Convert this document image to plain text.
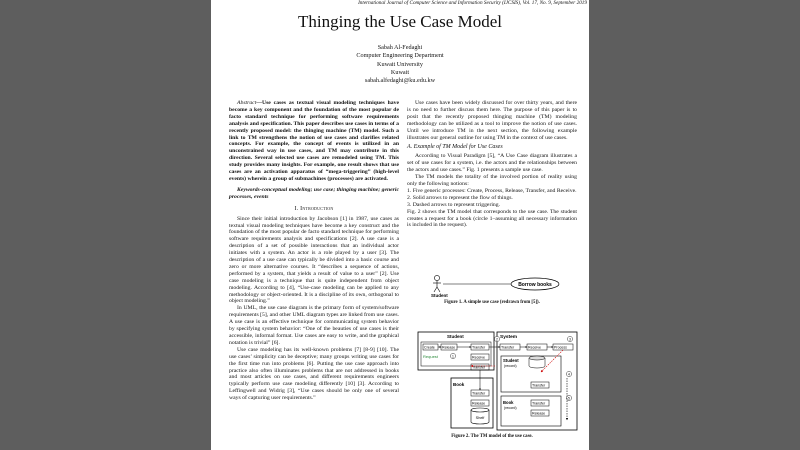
International Journal of Computer Science and Information Security (IJCSIS), Vol. 17, No. 9, September 2019
Thinging the Use Case Model
Sabah Al-Fedaghi
Computer Engineering Department
Kuwait University
Kuwait
sabah.alfedaghi@ku.edu.kw

Abstract—Use cases as textual visual modeling techniques have become a key component and the foundation of the most popular de facto standard technique for performing software requirements analysis and specification. This paper describes use cases in terms of a recently proposed model: the thinging machine (TM) model. Such a link to TM strengthens the notion of use cases and clarifies related concepts. For example, the concept of events is utilized in an unconstrained way in use cases, and TM may contribute in this direction. Several selected use cases are remodeled using TM. This study provides many insights. For example, one result shows that use cases are an activation apparatus of “mega-triggering” (high-level events) wherein a group of submachines (processes) are activated.

Keywords-conceptual modeling; use case; thinging machine; generic processes, events

I. Introduction

Since their initial introduction by Jacobson [1] in 1987, use cases as textual visual modeling techniques have become a key construct and the foundation of the most popular de facto standard technique for performing software requirements analysis and specifications [2]. A use case is a description of a set of possible interactions that an individual actor initiates with a system. An actor is a role played by a user [3]. The description of a use case can typically be divided into a basic course and zero or more alternative courses. It “describes a sequence of actions, performed by a system, that yields a result of value to a user” [2]. Use case modeling is a technique that is quite independent from object modeling. According to [4], “Use-case modeling can be applied to any methodology or object-oriented. It is a discipline of its own, orthogonal to object modeling.”

In UML, the use case diagram is the primary form of system/software requirements [5], and other UML diagram types are linked from use cases. A use case is an effective technique for communicating system behavior by specifying system behavior: “One of the beauties of use cases is their accessible, informal format. Use cases are easy to write, and the graphical notation is trivial” [6].

Use case modeling has its well-known problems [7] [8-9] [10]. The use cases’ simplicity can be deceptive; many groups writing use cases for the first time run into problems [6]. Putting the use case approach into practice also often illuminates problems that are not addressed in books and most articles on use cases, and different requirements engineers typically perform use case modeling differently [10] [3]. According to Leffingwell and Widrig [3], “Use cases should be only one of several ways of capturing user requirements.”

Use cases have been widely discussed for over thirty years, and there is no need to further discuss them here. The purpose of this paper is to posit that the recently proposed thinging machine (TM) modeling methodology can be utilized as a tool to improve the notion of use cases. Until we introduce TM in the next section, the following example illustrates our general outline for using TM in the context of use cases.

A. Example of TM Model for Use Cases

According to Visual Paradigm [5], “A Use Case diagram illustrates a set of use cases for a system, i.e. the actors and the relationships between the actors and use cases.” Fig. 1 presents a sample use case.

The TM models the totality of the involved portion of reality using only the following notions:

1. Five generic processes: Create, Process, Release, Transfer, and Receive.

2. Solid arrows to represent the flow of things.

3. Dashed arrows to represent triggering.

Fig. 2 shows the TM model that corresponds to the use case. The student creates a request for a book (circle 1–assuming all necessary information is included in the request).

Student
Borrow books
Figure 1. A simple use case (redrawn from [5]).
Student
Create Release	Transfer
Request	1	Receive
Transfer
Book
Transfer
Release
Shelf
System
2
Transfer	Receive	Process
3
Student
(record)
Transfer
4
Book
(record)
Transfer
Release
5
Figure 2. The TM model of the use case.
